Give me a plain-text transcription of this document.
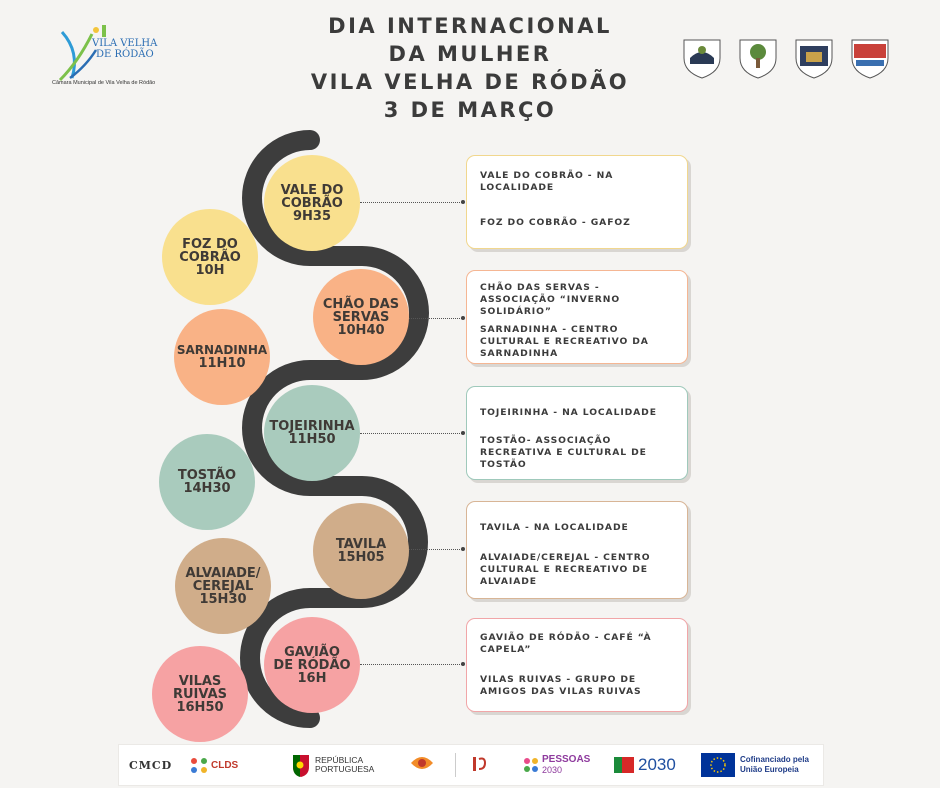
VILA VELHA
DE RÓDÃO
Câmara Municipal de Vila Velha de Ródão
DIA INTERNACIONAL
DA MULHER
VILA VELHA DE RÓDÃO
3 DE MARÇO
VALE DO COBRÃO
9H35
CHÃO DAS SERVAS
10H40
TOJEIRINHA
11H50
TAVILA
15H05
GAVIÃO DE RÓDÃO
16H
FOZ DO COBRÃO
10H
SARNADINHA
11H10
TOSTÃO
14H30
ALVAIADE/ CEREJAL
15H30
VILAS RUIVAS
16H50
VALE DO COBRÃO - NA LOCALIDADE
FOZ DO COBRÃO - GAFOZ
CHÃO DAS SERVAS - ASSOCIAÇÃO “INVERNO SOLIDÁRIO”
SARNADINHA - CENTRO CULTURAL E RECREATIVO DA SARNADINHA
TOJEIRINHA - NA LOCALIDADE
TOSTÃO- ASSOCIAÇÃO RECREATIVA E CULTURAL DE TOSTÃO
TAVILA - NA LOCALIDADE
ALVAIADE/CEREJAL - CENTRO CULTURAL E RECREATIVO DE ALVAIADE
GAVIÃO DE RÓDÃO - CAFÉ “À CAPELA”
VILAS RUIVAS - GRUPO DE AMIGOS DAS VILAS RUIVAS
CMCD	CLDS	REPÚBLICA
PORTUGUESA
PESSOAS
2030	2030	Cofinanciado pela
União Europeia
